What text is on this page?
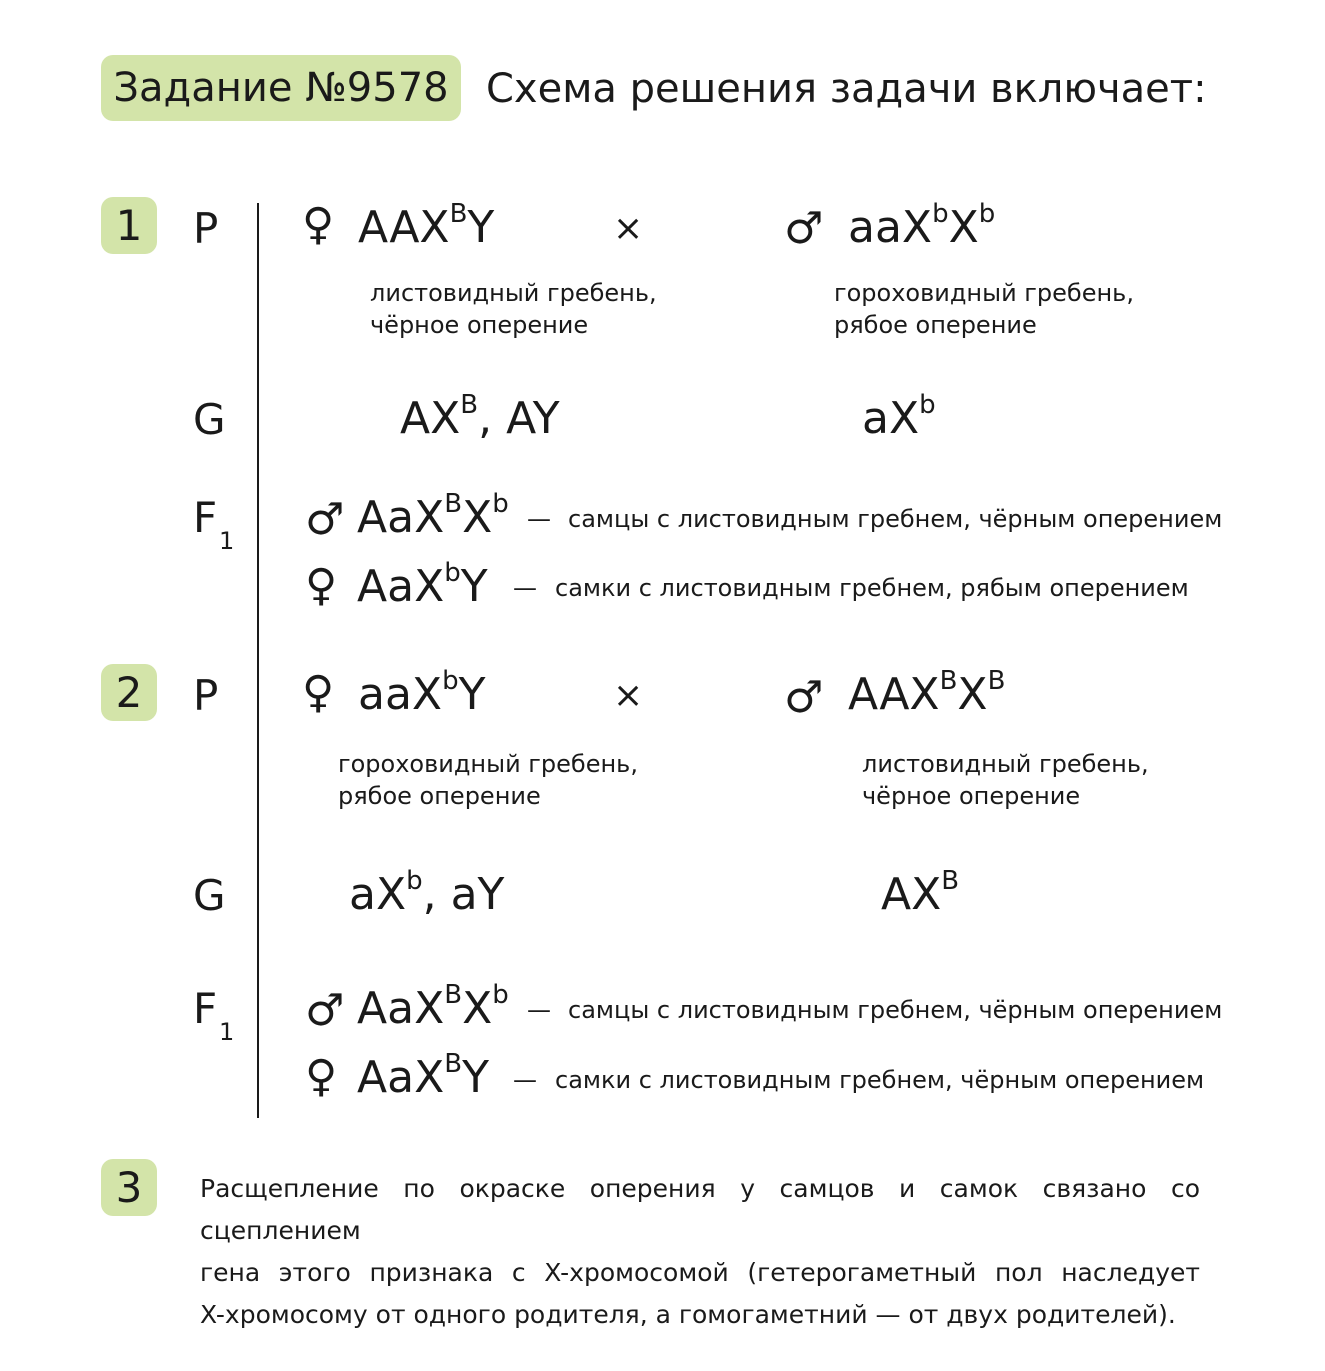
Задание №9578 Схема решения задачи включает:
1 P ♀ $AAX^BY$	×	♂ $aaX^bX^b$
листовидный гребень,
чёрное оперение
гороховидный гребень,
рябое оперение
G	$AX^B$, AY	$aX^b$
F 1 ♂ $AaX^BX^b$ — самцы с листовидным гребнем, чёрным оперением
♀ AaX$^b$Y — самки с листовидным гребнем, рябым оперением
2 P ♀ aaX$^b$Y	×	♂ $AAX^BX^B$
гороховидный гребень,
рябое оперение
листовидный гребень,
чёрное оперение
G	$aX^b$, aY	$AX^B$
F 1 ♂ $AaX^BX^b$ — самцы с листовидным гребнем, чёрным оперением
♀ AaX$^B$Y — самки с листовидным гребнем, чёрным оперением
3 Расщепление по окраске оперения у самцов и самок связано со сцеплением
гена этого признака с X-хромосомой (гетерогаметный пол наследует
X-хромосому от одного родителя, а гомогаметний — от двух родителей).
